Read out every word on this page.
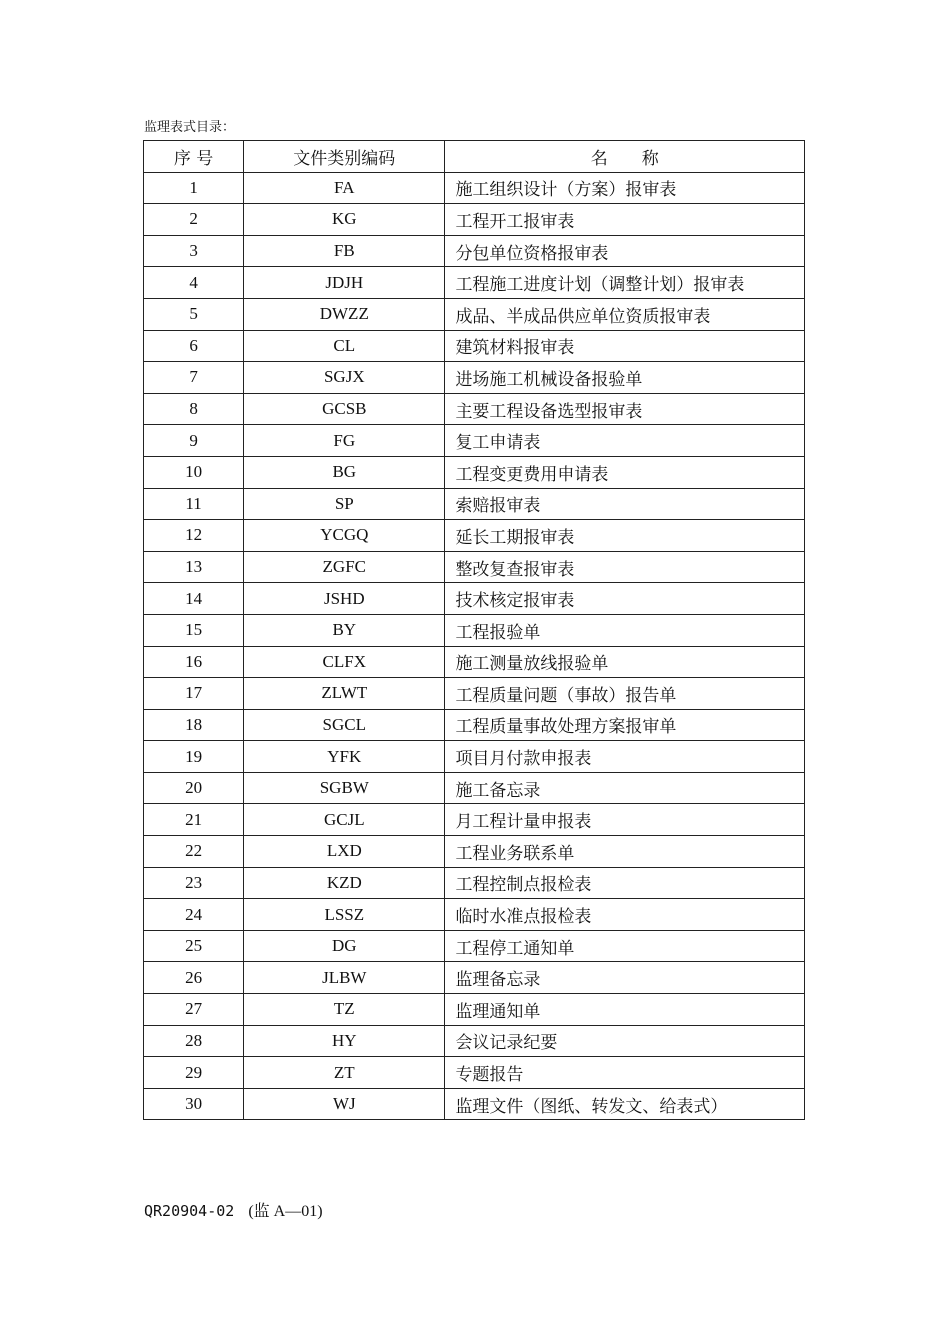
监理表式目录：
序 号	文件类别编码	名　　称
1	FA	施工组织设计（方案）报审表
2	KG	工程开工报审表
3	FB	分包单位资格报审表
4	JDJH	工程施工进度计划（调整计划）报审表
5	DWZZ	成品、半成品供应单位资质报审表
6	CL	建筑材料报审表
7	SGJX	进场施工机械设备报验单
8	GCSB	主要工程设备选型报审表
9	FG	复工申请表
10	BG	工程变更费用申请表
11	SP	索赔报审表
12	YCGQ	延长工期报审表
13	ZGFC	整改复查报审表
14	JSHD	技术核定报审表
15	BY	工程报验单
16	CLFX	施工测量放线报验单
17	ZLWT	工程质量问题（事故）报告单
18	SGCL	工程质量事故处理方案报审单
19	YFK	项目月付款申报表
20	SGBW	施工备忘录
21	GCJL	月工程计量申报表
22	LXD	工程业务联系单
23	KZD	工程控制点报检表
24	LSSZ	临时水准点报检表
25	DG	工程停工通知单
26	JLBW	监理备忘录
27	TZ	监理通知单
28	HY	会议记录纪要
29	ZT	专题报告
30	WJ	监理文件（图纸、转发文、给表式）
QR20904-02 (监 A—01)
